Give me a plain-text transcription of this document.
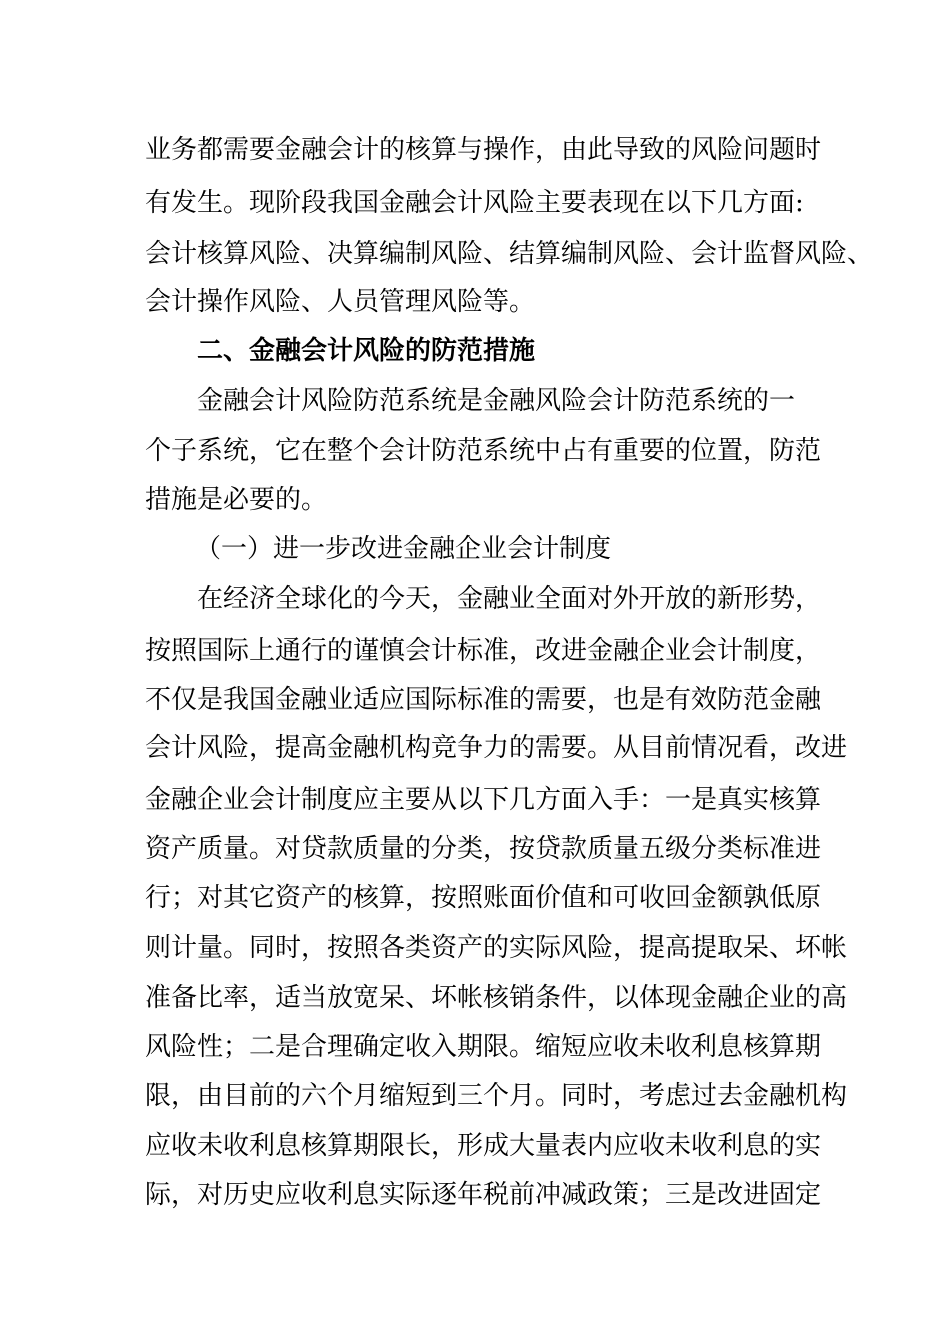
业务都需要金融会计的核算与操作，由此导致的风险问题时
有发生。现阶段我国金融会计风险主要表现在以下几方面:
会计核算风险、决算编制风险、结算编制风险、会计监督风险、
会计操作风险、人员管理风险等。
二、金融会计风险的防范措施
金融会计风险防范系统是金融风险会计防范系统的一
个子系统，它在整个会计防范系统中占有重要的位置，防范
措施是必要的。
（一）进一步改进金融企业会计制度
在经济全球化的今天，金融业全面对外开放的新形势，
按照国际上通行的谨慎会计标准，改进金融企业会计制度，
不仅是我国金融业适应国际标准的需要，也是有效防范金融
会计风险，提高金融机构竞争力的需要。从目前情况看，改进
金融企业会计制度应主要从以下几方面入手：一是真实核算
资产质量。对贷款质量的分类，按贷款质量五级分类标准进
行；对其它资产的核算，按照账面价值和可收回金额孰低原
则计量。同时，按照各类资产的实际风险，提高提取呆、坏帐
准备比率，适当放宽呆、坏帐核销条件，以体现金融企业的高
风险性；二是合理确定收入期限。缩短应收未收利息核算期
限，由目前的六个月缩短到三个月。同时，考虑过去金融机构
应收未收利息核算期限长，形成大量表内应收未收利息的实
际，对历史应收利息实际逐年税前冲减政策；三是改进固定
